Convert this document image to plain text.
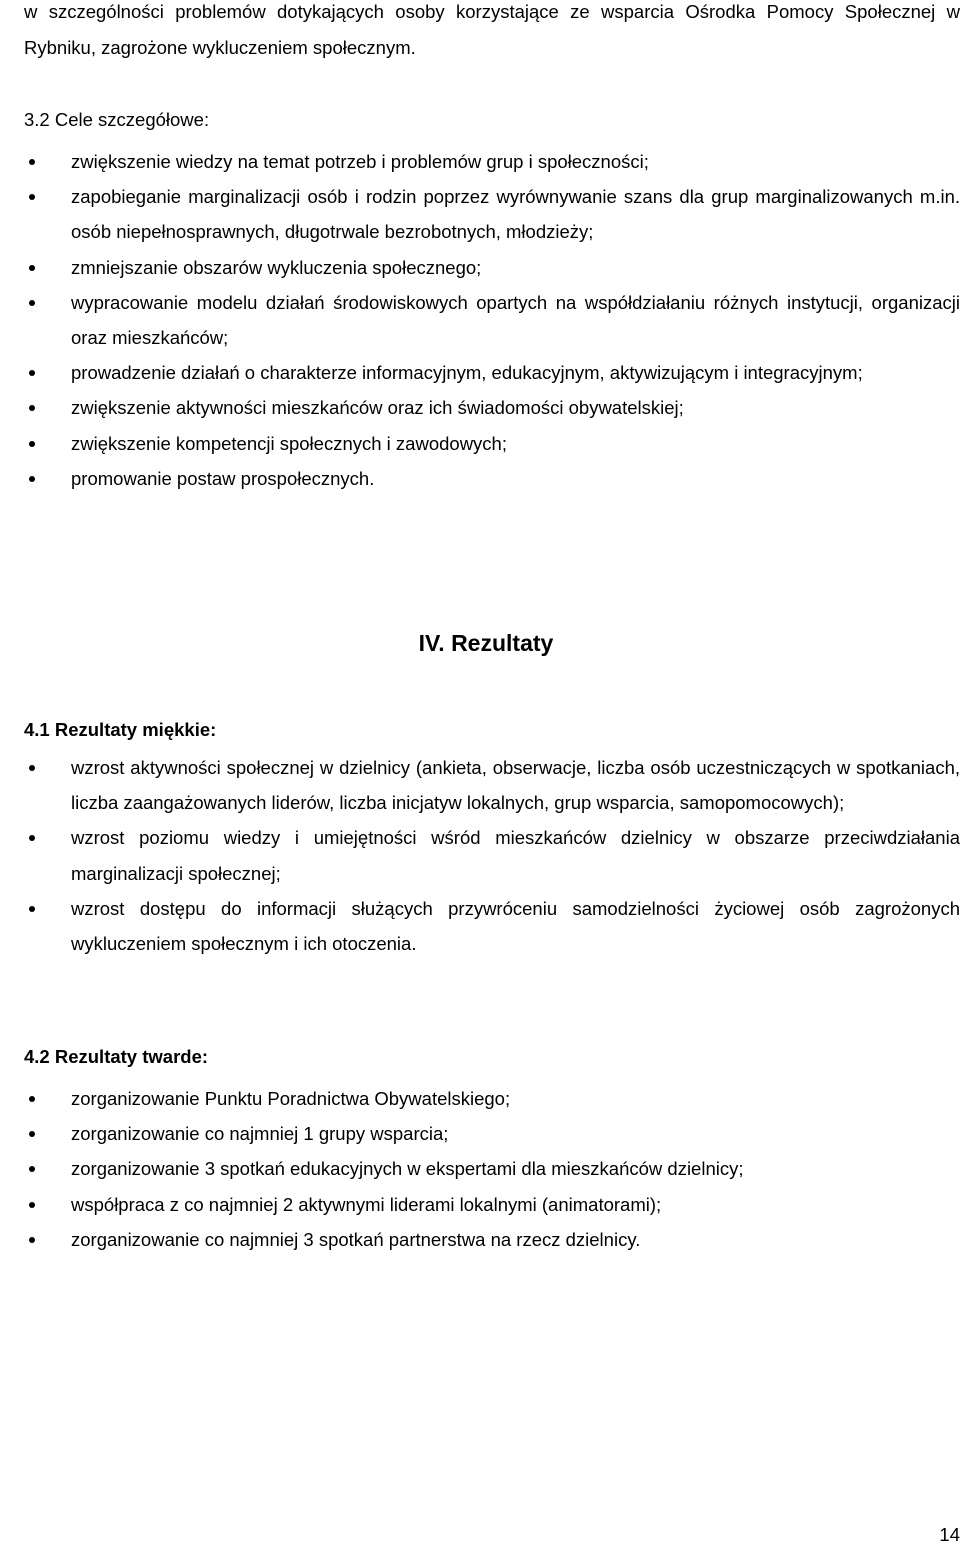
w szczególności problemów dotykających osoby korzystające ze wsparcia Ośrodka Pomocy Społecznej w Rybniku, zagrożone wykluczeniem społecznym.

3.2 Cele szczegółowe:

zwiększenie wiedzy na temat potrzeb i problemów grup i społeczności;
zapobieganie marginalizacji osób i rodzin poprzez wyrównywanie szans dla grup marginalizowanych m.in. osób niepełnosprawnych, długotrwale bezrobotnych, młodzieży;
zmniejszanie obszarów wykluczenia społecznego;
wypracowanie modelu działań środowiskowych opartych na współdziałaniu różnych instytucji, organizacji oraz mieszkańców;
prowadzenie działań o charakterze informacyjnym, edukacyjnym, aktywizującym i integracyjnym;
zwiększenie aktywności mieszkańców oraz ich świadomości obywatelskiej;
zwiększenie kompetencji społecznych i zawodowych;
promowanie postaw prospołecznych.

IV. Rezultaty

4.1 Rezultaty miękkie:

wzrost aktywności społecznej w dzielnicy (ankieta, obserwacje, liczba osób uczestniczących w spotkaniach, liczba zaangażowanych liderów, liczba inicjatyw lokalnych, grup wsparcia, samopomocowych);
wzrost poziomu wiedzy i umiejętności wśród mieszkańców dzielnicy w obszarze przeciwdziałania marginalizacji społecznej;
wzrost dostępu do informacji służących przywróceniu samodzielności życiowej osób zagrożonych wykluczeniem społecznym i ich otoczenia.

4.2 Rezultaty twarde:

zorganizowanie Punktu Poradnictwa Obywatelskiego;
zorganizowanie co najmniej 1 grupy wsparcia;
zorganizowanie 3 spotkań edukacyjnych w ekspertami dla mieszkańców dzielnicy;
współpraca z co najmniej 2 aktywnymi liderami lokalnymi (animatorami);
zorganizowanie co najmniej 3 spotkań partnerstwa na rzecz dzielnicy.

14
